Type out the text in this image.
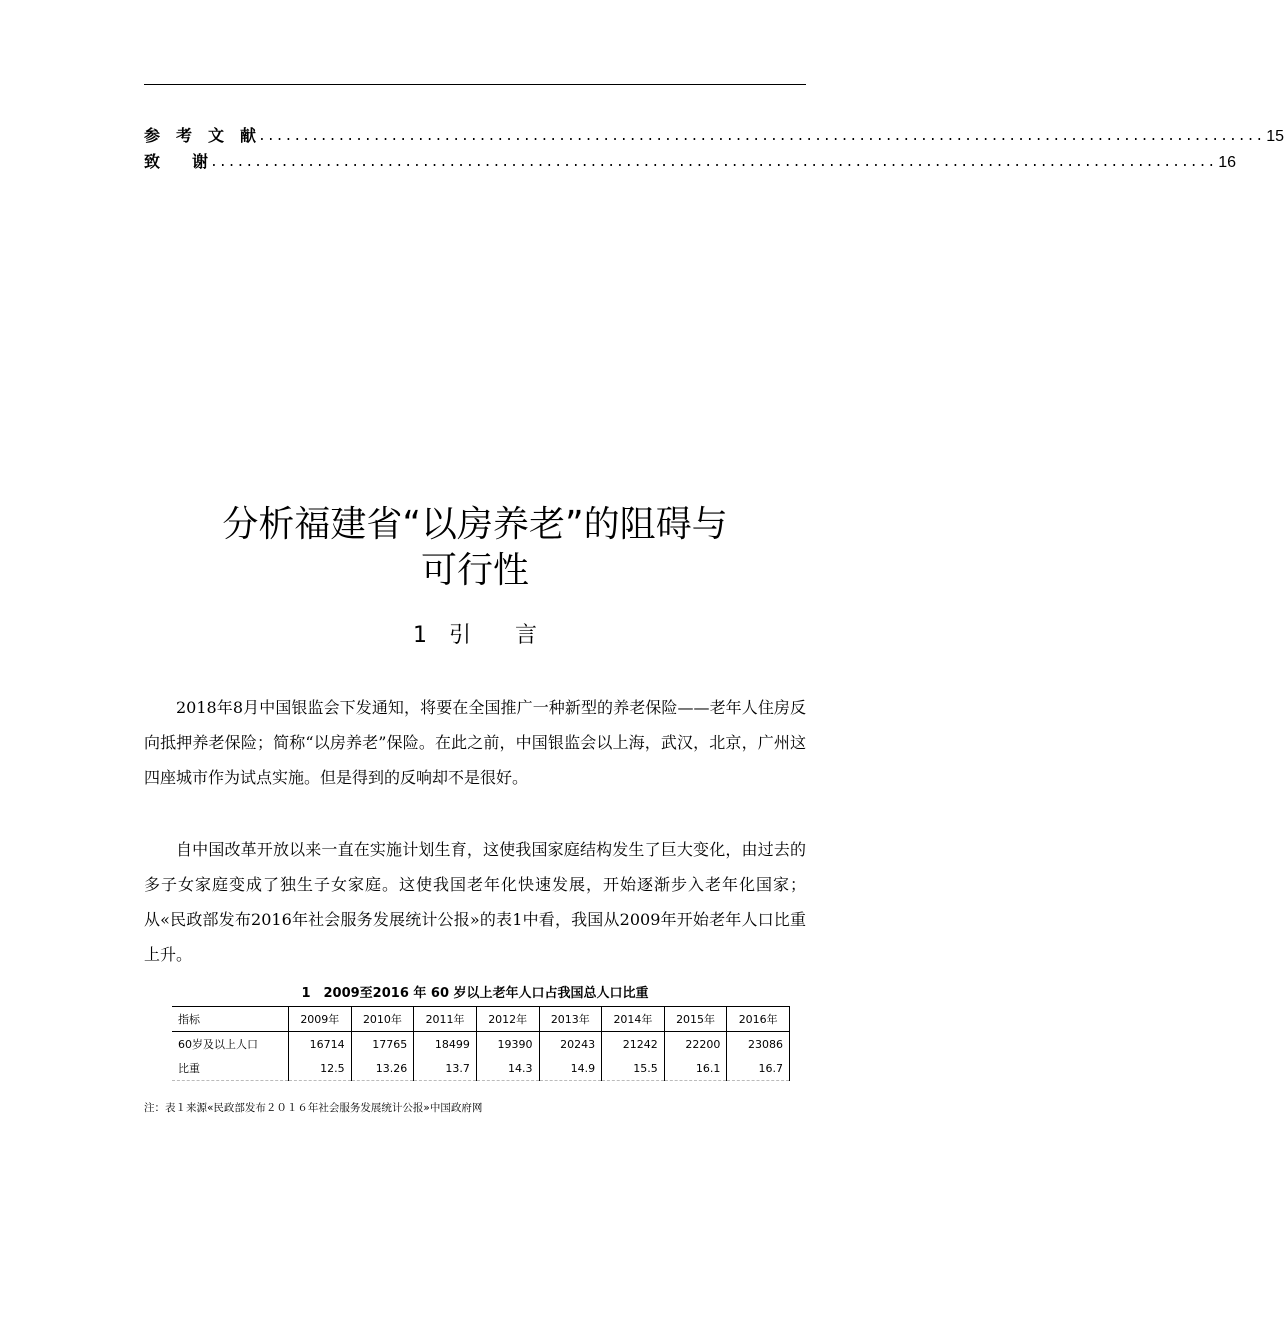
参　考　文　献 .................................................................................................................. 15
致　　谢 .................................................................................................................. 16
分析福建省“以房养老”的阻碍与
可行性
1　引　　言

2018年8月中国银监会下发通知，将要在全国推广一种新型的养老保险——老年人住房反向抵押养老保险；简称“以房养老”保险。在此之前，中国银监会以上海，武汉，北京，广州这四座城市作为试点实施。但是得到的反响却不是很好。

自中国改革开放以来一直在实施计划生育，这使我国家庭结构发生了巨大变化，由过去的多子女家庭变成了独生子女家庭。这使我国老年化快速发展，开始逐渐步入老年化国家；从«民政部发布2016年社会服务发展统计公报»的表1中看，我国从2009年开始老年人口比重上升。

1　2009至2016 年 60 岁以上老年人口占我国总人口比重
指标	2009年	2010年	2011年	2012年	2013年	2014年	2015年	2016年
60岁及以上人口	16714	17765	18499	19390	20243	21242	22200	23086
比重	12.5	13.26	13.7	14.3	14.9	15.5	16.1	16.7
注：表１来源«民政部发布２０１６年社会服务发展统计公报»中国政府网
